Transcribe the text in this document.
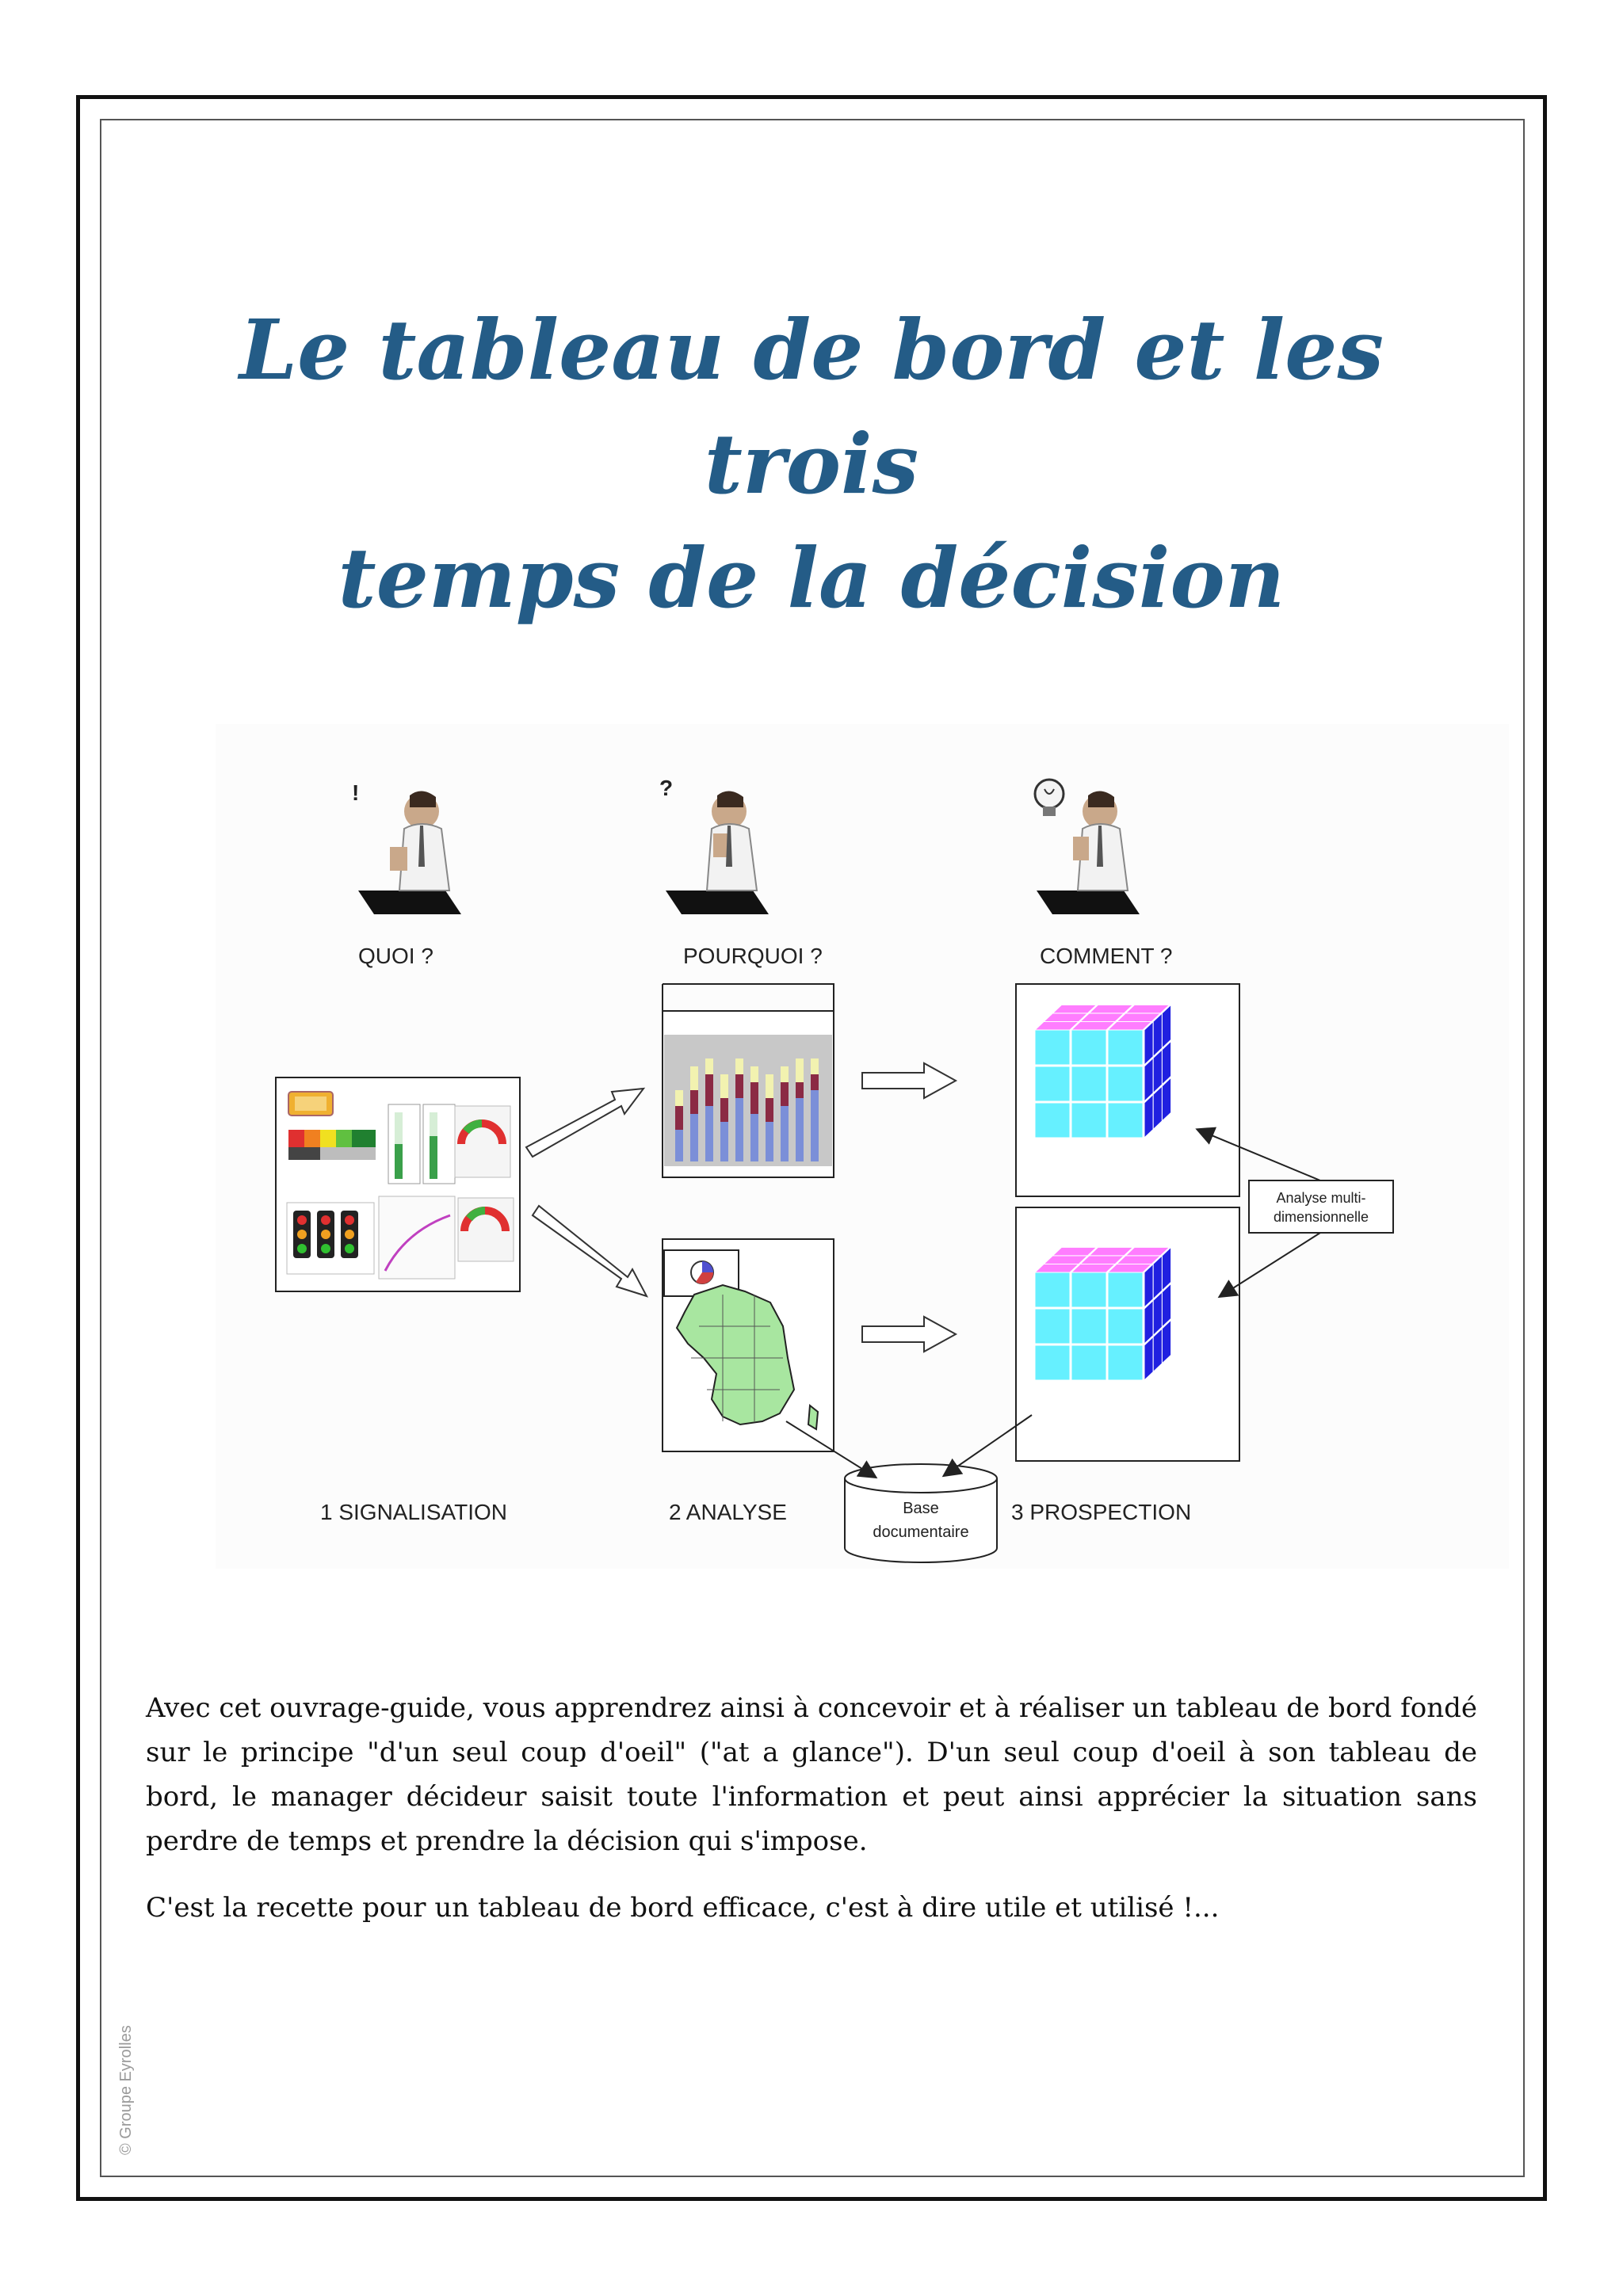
Le tableau de bord et les trois
temps de la décision
!	?
QUOI ?	POURQUOI ?	COMMENT ?
Analyse multi-
dimensionnelle
Base
documentaire
1 SIGNALISATION	2 ANALYSE	3 PROSPECTION

Avec cet ouvrage-guide, vous apprendrez ainsi à concevoir et à réaliser un tableau de bord fondé sur le principe "d'un seul coup d'oeil" ("at a glance"). D'un seul coup d'oeil à son tableau de bord, le manager décideur saisit toute l'information et peut ainsi apprécier la situation sans perdre de temps et prendre la décision qui s'impose.

C'est la recette pour un tableau de bord efficace, c'est à dire utile et utilisé !...

© Groupe Eyrolles
